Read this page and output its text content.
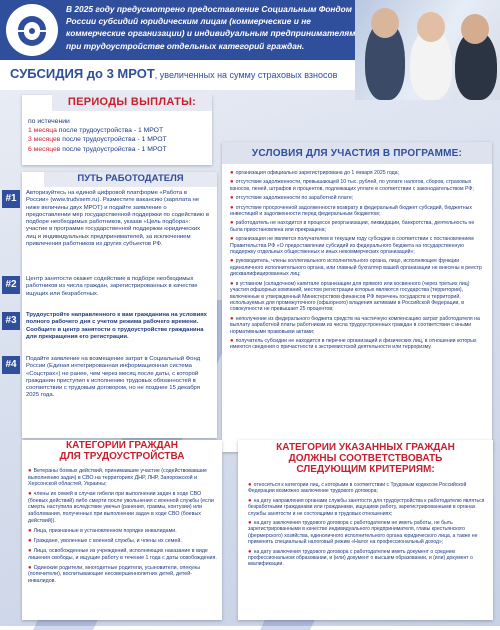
В 2025 году предусмотрено предоставление Социальным Фондом России субсидий юридическим лицам (коммерческие и не коммерческие организации) и индивидуальным предпринимателям при трудоустройстве отдельных категорий граждан.
СУБСИДИЯ до 3 МРОТ, увеличенных на сумму страховых взносов
ПЕРИОДЫ ВЫПЛАТЫ:
по истечении
1 месяца после трудоустройства - 1 МРОТ
3 месяцев после трудоустройства - 1 МРОТ
6 месяцев после трудоустройства - 1 МРОТ
ПУТЬ РАБОТОДАТЕЛЯ
#1	Авторизуйтесь на единой цифровой платформе «Работа в России» (www.trudvsem.ru). Разместите вакансию (зарплата не ниже величины двух МРОТ) и подайте заявление о предоставлении мер государственной поддержки по содействию в подборе необходимых работников, указав «Цель подбора»: участие в программе государственной поддержки юридических лиц и индивидуальных предпринимателей, за исключением привлечения работников из других субъектов РФ.
#2	Центр занятости окажет содействие в подборе необходимых работников из числа граждан, зарегистрированных в качестве ищущих или безработных.
#3	Трудоустройте направленного к вам гражданина на условиях полного рабочего дня с учетом режима рабочего времени. Сообщите в центр занятости о трудоустройстве гражданина для прекращения его регистрации.
#4	Подайте заявление на возмещение затрат в Социальный Фонд России (Единая интегрированная информационная система «Соцстрах») не ранее, чем через месяц после даты, с которой гражданин приступил к исполнению трудовых обязанностей в соответствии с трудовым договором, но не позднее 15 декабря 2025 года.
УСЛОВИЯ ДЛЯ УЧАСТИЯ В ПРОГРАММЕ:
● организация официально зарегистрирована до 1 января 2025 года;
● отсутствие задолженности, превышающей 10 тыс. рублей, по уплате налогов, сборов, страховых взносов, пеней, штрафов и процентов, подлежащих уплате в соответствии с законодательством РФ;
● отсутствие задолженности по заработной плате;
● отсутствие просроченной задолженности возврату в федеральный бюджет субсидий, бюджетных инвестиций и задолженности перед федеральным бюджетом;
● работодатель не находится в процессе реорганизации, ликвидации, банкротства, деятельность не была приостановлена или прекращена;
● организация не является получателем в текущем году субсидии в соответствии с постановлением Правительства РФ «О предоставлении субсидий из федерального бюджета на государственную поддержку отдельных общественных и иных некоммерческих организаций»;
● руководитель, члены коллегиального исполнительного органа, лицо, исполняющее функции единоличного исполнительного органа, или главный бухгалтер вашей организации не внесены в реестр дисквалифицированных лиц;
● в уставном (складочном) капитале организации для прямого или косвенного (через третьих лиц) участия офшорных компаний, местом регистрации которых являются государства (территории), включенные в утвержденный Министерством финансов РФ перечень государств и территорий, используемых для промежуточного (офшорного) владения активами в Российской Федерации, в совокупности не превышает 25 процентов;
● неполучение из федерального бюджета средств на частичную компенсацию затрат работодателя на выплату заработной платы работникам из числа трудоустроенных граждан в соответствии с иными нормативными правовыми актами;
● получатель субсидии не находится в перечне организаций и физических лиц, в отношении которых имеются сведения о причастности к экстремистской деятельности или терроризму.
КАТЕГОРИИ ГРАЖДАН
ДЛЯ ТРУДОУСТРОЙСТВА
● Ветераны боевых действий, принимавшие участие (содействовавшие выполнению задач) в СВО на территориях ДНР, ЛНР, Запорожской и Херсонской областей, Украины;
● члены их семей в случае гибели при выполнении задач в ходе СВО (боевых действий) либо смерти после увольнения с военной службы (если смерть наступила вследствие увечья (ранения, травмы, контузии) или заболевания, полученных при выполнении задач в ходе СВО (боевых действий)).
● Лица, признанные в установленном порядке инвалидами.
● Граждане, уволенные с военной службы, и члены их семей.
● Лица, освобожденные из учреждений, исполняющих наказание в виде лишения свободы, и ищущие работу в течение 1 года с даты освобождения.
● Одинокие родители, многодетные родители, усыновители, опекуны (попечители), воспитывающие несовершеннолетних детей, детей-инвалидов.
КАТЕГОРИИ УКАЗАННЫХ ГРАЖДАН
ДОЛЖНЫ СООТВЕТСТВОВАТЬ
СЛЕДУЮЩИМ КРИТЕРИЯМ:
● относиться к категории лиц, с которыми в соответствии с Трудовым кодексом Российской Федерации возможно заключение трудового договора;
● на дату направления органами службы занятости для трудоустройства к работодателю являться безработными гражданами или гражданами, ищущими работу, зарегистрированными в органах службы занятости и не состоящими в трудовых отношениях;
● на дату заключения трудового договора с работодателем не иметь работы, не быть зарегистрированными в качестве индивидуального предпринимателя, главы крестьянского (фермерского) хозяйства, единоличного исполнительного органа юридического лица, а также не применять специальный налоговый режим «Налог на профессиональный доход»;
● на дату заключения трудового договора с работодателем иметь документ о среднем профессиональном образовании, и (или) документ о высшем образовании, и (или) документ о квалификации.
